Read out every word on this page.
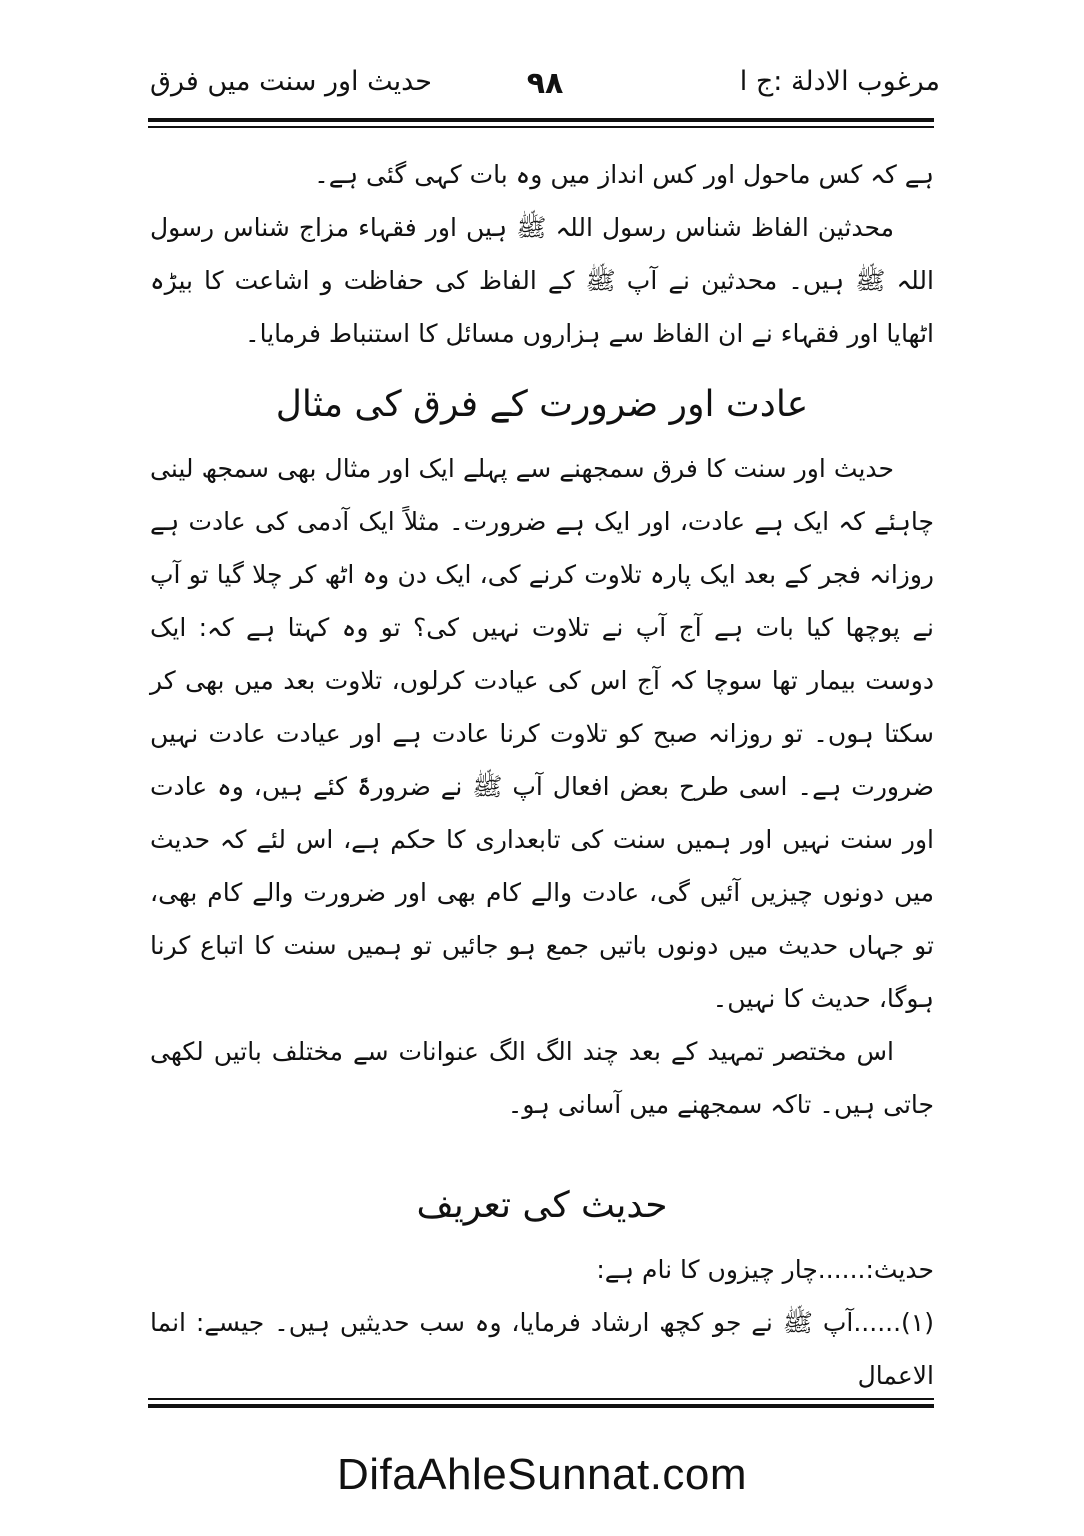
مرغوب الادلة :ج ا
۹۸
حدیث اور سنت میں فرق

ہے کہ کس ماحول اور کس انداز میں وہ بات کہی گئی ہے۔

محدثین الفاظ شناس رسول اللہ ﷺ ہیں اور فقہاء مزاج شناس رسول اللہ ﷺ ہیں۔ محدثین نے آپ ﷺ کے الفاظ کی حفاظت و اشاعت کا بیڑہ اٹھایا اور فقہاء نے ان الفاظ سے ہزاروں مسائل کا استنباط فرمایا۔

عادت اور ضرورت کے فرق کی مثال

حدیث اور سنت کا فرق سمجھنے سے پہلے ایک اور مثال بھی سمجھ لینی چاہئے کہ ایک ہے عادت، اور ایک ہے ضرورت۔ مثلاً ایک آدمی کی عادت ہے روزانہ فجر کے بعد ایک پارہ تلاوت کرنے کی، ایک دن وہ اٹھ کر چلا گیا تو آپ نے پوچھا کیا بات ہے آج آپ نے تلاوت نہیں کی؟ تو وہ کہتا ہے کہ: ایک دوست بیمار تھا سوچا کہ آج اس کی عیادت کرلوں، تلاوت بعد میں بھی کر سکتا ہوں۔ تو روزانہ صبح کو تلاوت کرنا عادت ہے اور عیادت عادت نہیں ضرورت ہے۔ اسی طرح بعض افعال آپ ﷺ نے ضرورۃً کئے ہیں، وہ عادت اور سنت نہیں اور ہمیں سنت کی تابعداری کا حکم ہے، اس لئے کہ حدیث میں دونوں چیزیں آئیں گی، عادت والے کام بھی اور ضرورت والے کام بھی، تو جہاں حدیث میں دونوں باتیں جمع ہو جائیں تو ہمیں سنت کا اتباع کرنا ہوگا، حدیث کا نہیں۔

اس مختصر تمہید کے بعد چند الگ الگ عنوانات سے مختلف باتیں لکھی جاتی ہیں۔ تاکہ سمجھنے میں آسانی ہو۔

حدیث کی تعریف

حدیث:......چار چیزوں کا نام ہے:

(۱)......آپ ﷺ نے جو کچھ ارشاد فرمایا، وہ سب حدیثیں ہیں۔ جیسے: انما الاعمال

DifaAhleSunnat.com
